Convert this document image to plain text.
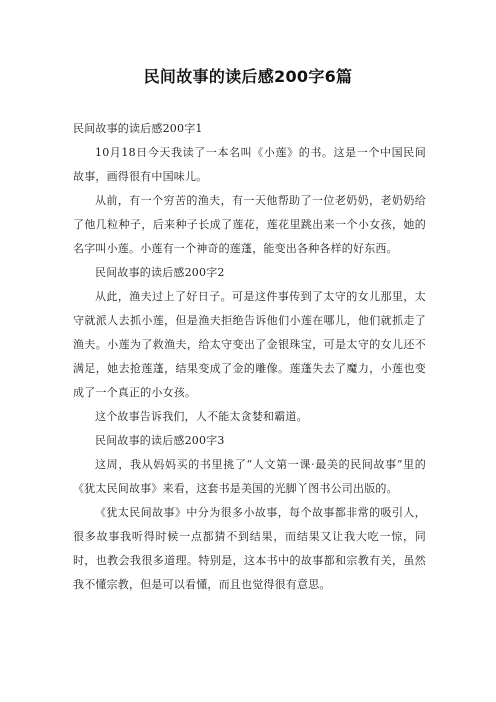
民间故事的读后感200字6篇

民间故事的读后感200字1

10月18日今天我读了一本名叫《小莲》的书。这是一个中国民间故事，画得很有中国味儿。

从前，有一个穷苦的渔夫，有一天他帮助了一位老奶奶，老奶奶给了他几粒种子，后来种子长成了莲花，莲花里跳出来一个小女孩，她的名字叫小莲。小莲有一个神奇的莲蓬，能变出各种各样的好东西。

民间故事的读后感200字2

从此，渔夫过上了好日子。可是这件事传到了太守的女儿那里，太守就派人去抓小莲，但是渔夫拒绝告诉他们小莲在哪儿，他们就抓走了渔夫。小莲为了救渔夫，给太守变出了金银珠宝，可是太守的女儿还不满足，她去抢莲蓬，结果变成了金的雕像。莲蓬失去了魔力，小莲也变成了一个真正的小女孩。

这个故事告诉我们，人不能太贪婪和霸道。

民间故事的读后感200字3

这周，我从妈妈买的书里挑了“人文第一课·最美的民间故事”里的《犹太民间故事》来看，这套书是美国的光脚丫图书公司出版的。

《犹太民间故事》中分为很多小故事，每个故事都非常的吸引人，很多故事我听得时候一点都猜不到结果，而结果又让我大吃一惊，同时，也教会我很多道理。特别是，这本书中的故事都和宗教有关，虽然我不懂宗教，但是可以看懂，而且也觉得很有意思。
